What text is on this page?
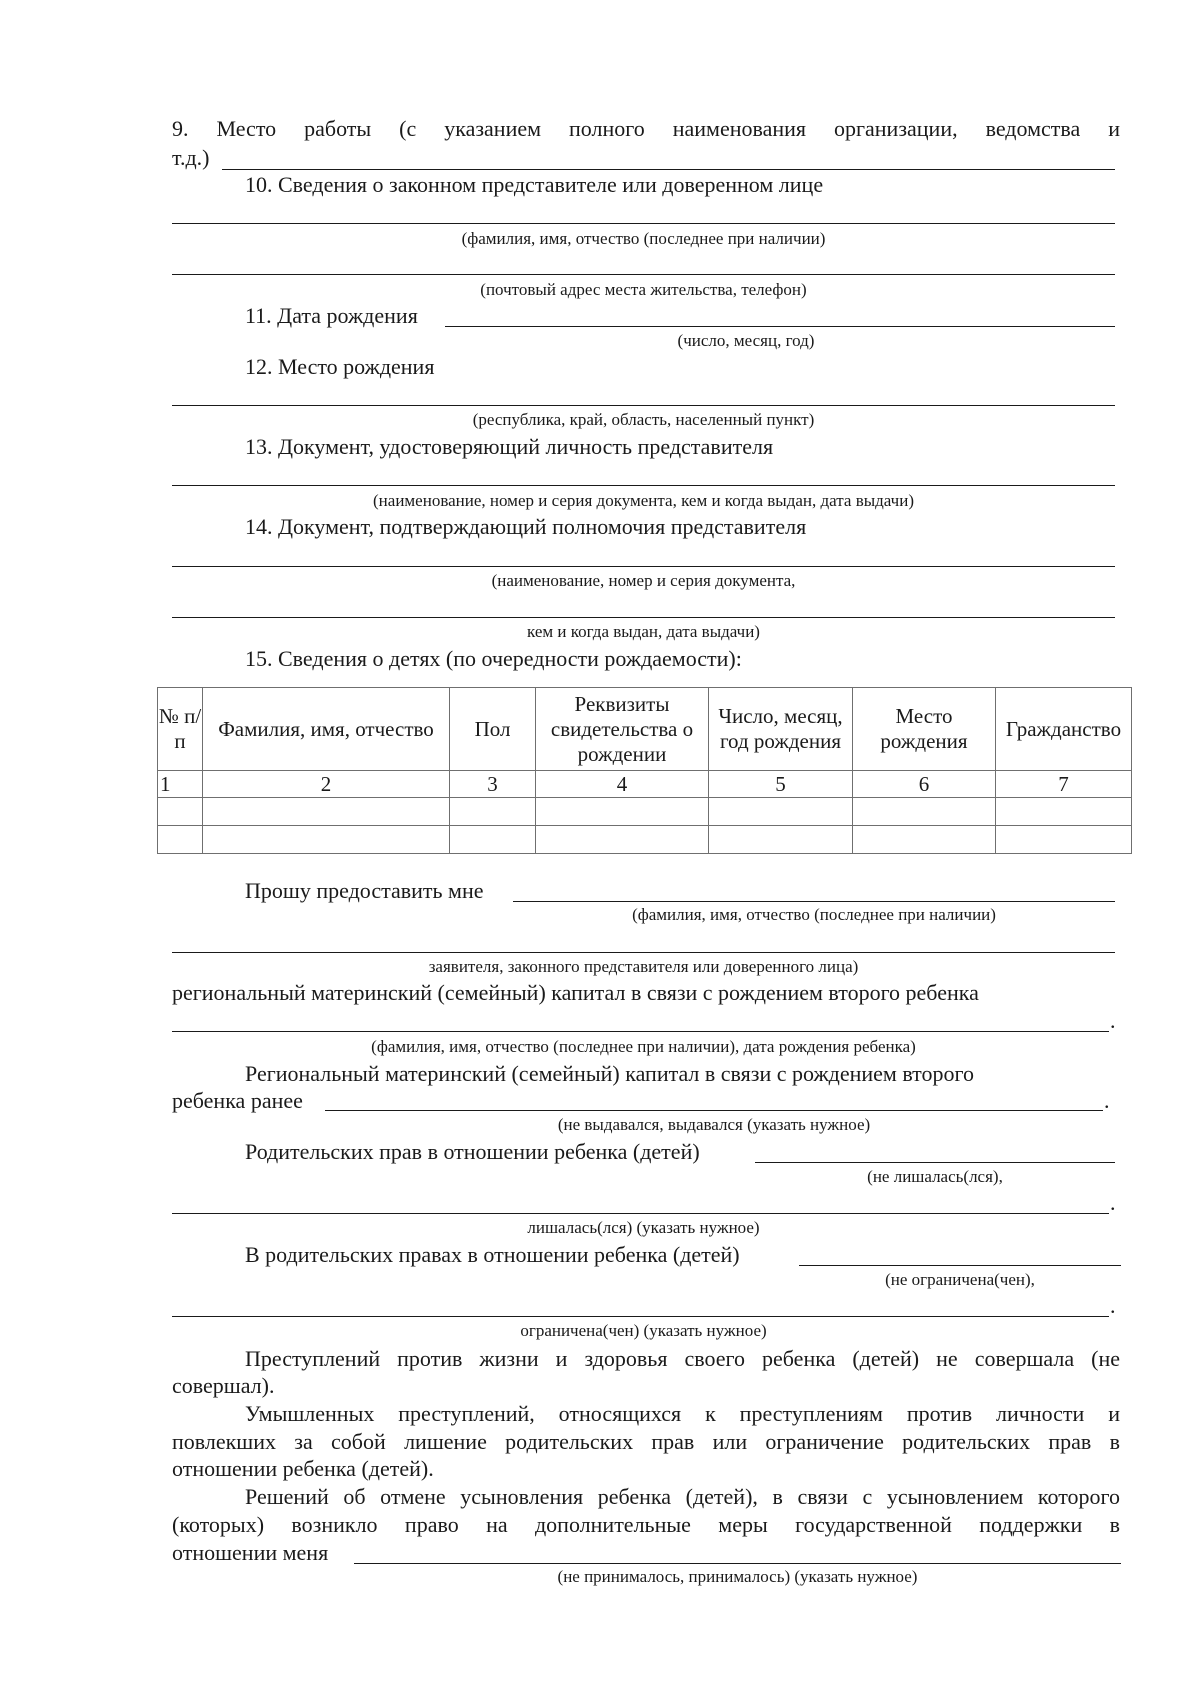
9. Место работы (с указанием полного наименования организации, ведомства и
т.д.)
10. Сведения о законном представителе или доверенном лице
(фамилия, имя, отчество (последнее при наличии)
(почтовый адрес места жительства, телефон)
11. Дата рождения
(число, месяц, год)
12. Место рождения
(республика, край, область, населенный пункт)
13. Документ, удостоверяющий личность представителя
(наименование, номер и серия документа, кем и когда выдан, дата выдачи)
14. Документ, подтверждающий полномочия представителя
(наименование, номер и серия документа,
кем и когда выдан, дата выдачи)
15. Сведения о детях (по очередности рождаемости):
№ п/п	Фамилия, имя, отчество	Пол	Реквизиты свидетельства о рождении	Число, месяц, год рождения	Место рождения	Гражданство
1	2	3	4	5	6	7

Прошу предоставить мне
(фамилия, имя, отчество (последнее при наличии)
заявителя, законного представителя или доверенного лица)
региональный материнский (семейный) капитал в связи с рождением второго ребенка
.
(фамилия, имя, отчество (последнее при наличии), дата рождения ребенка)
Региональный материнский (семейный) капитал в связи с рождением второго
ребенка ранее	.
(не выдавался, выдавался (указать нужное)
Родительских прав в отношении ребенка (детей)
(не лишалась(лся),
.
лишалась(лся) (указать нужное)
В родительских правах в отношении ребенка (детей)
(не ограничена(чен),
.
ограничена(чен) (указать нужное)
Преступлений против жизни и здоровья своего ребенка (детей) не совершала (не
совершал).
Умышленных преступлений, относящихся к преступлениям против личности и
повлекших за собой лишение родительских прав или ограничение родительских прав в
отношении ребенка (детей).
Решений об отмене усыновления ребенка (детей), в связи с усыновлением которого
(которых) возникло право на дополнительные меры государственной поддержки в
отношении меня
(не принималось, принималось) (указать нужное)
